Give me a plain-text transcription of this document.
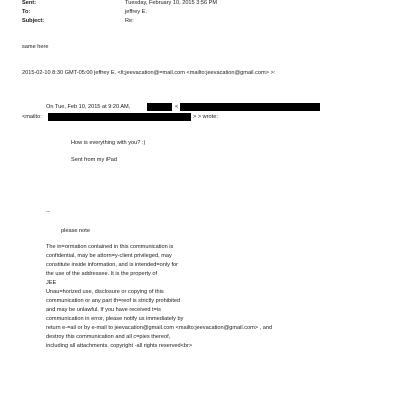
Sent:	Tuesday, February 10, 2015 3:56 PM
To:	jeffrey E.
Subject:	Re:
same here
2015-02-10 8:30 GMT-05:00 jeffrey E. <lt;jeevacation@=mail.com <mailto:jeevacation@gmail.com> >:
On Tue, Feb 10, 2015 at 9:20 AM,	<
<mailto:	> > wrote:
How is everything with you? :)
Sent from my iPad
--
please note
The in=ormation contained in this communication is
confidential, may be attorn=y-client privileged, may
constitute inside information, and is intended=only for
the use of the addressee. It is the property of
JEE
Unau=horized use, disclosure or copying of this
communication or any part th=reof is strictly prohibited
and may be unlawful. If you have received t=is
communication in error, please notify us immediately by
return e-=ail or by e-mail to jeevacation@gmail.com <mailto:jeevacation@gmail.com> , and
destroy this communication and all c=pies thereof,
including all attachments. copyright -all rights reserved<br>
